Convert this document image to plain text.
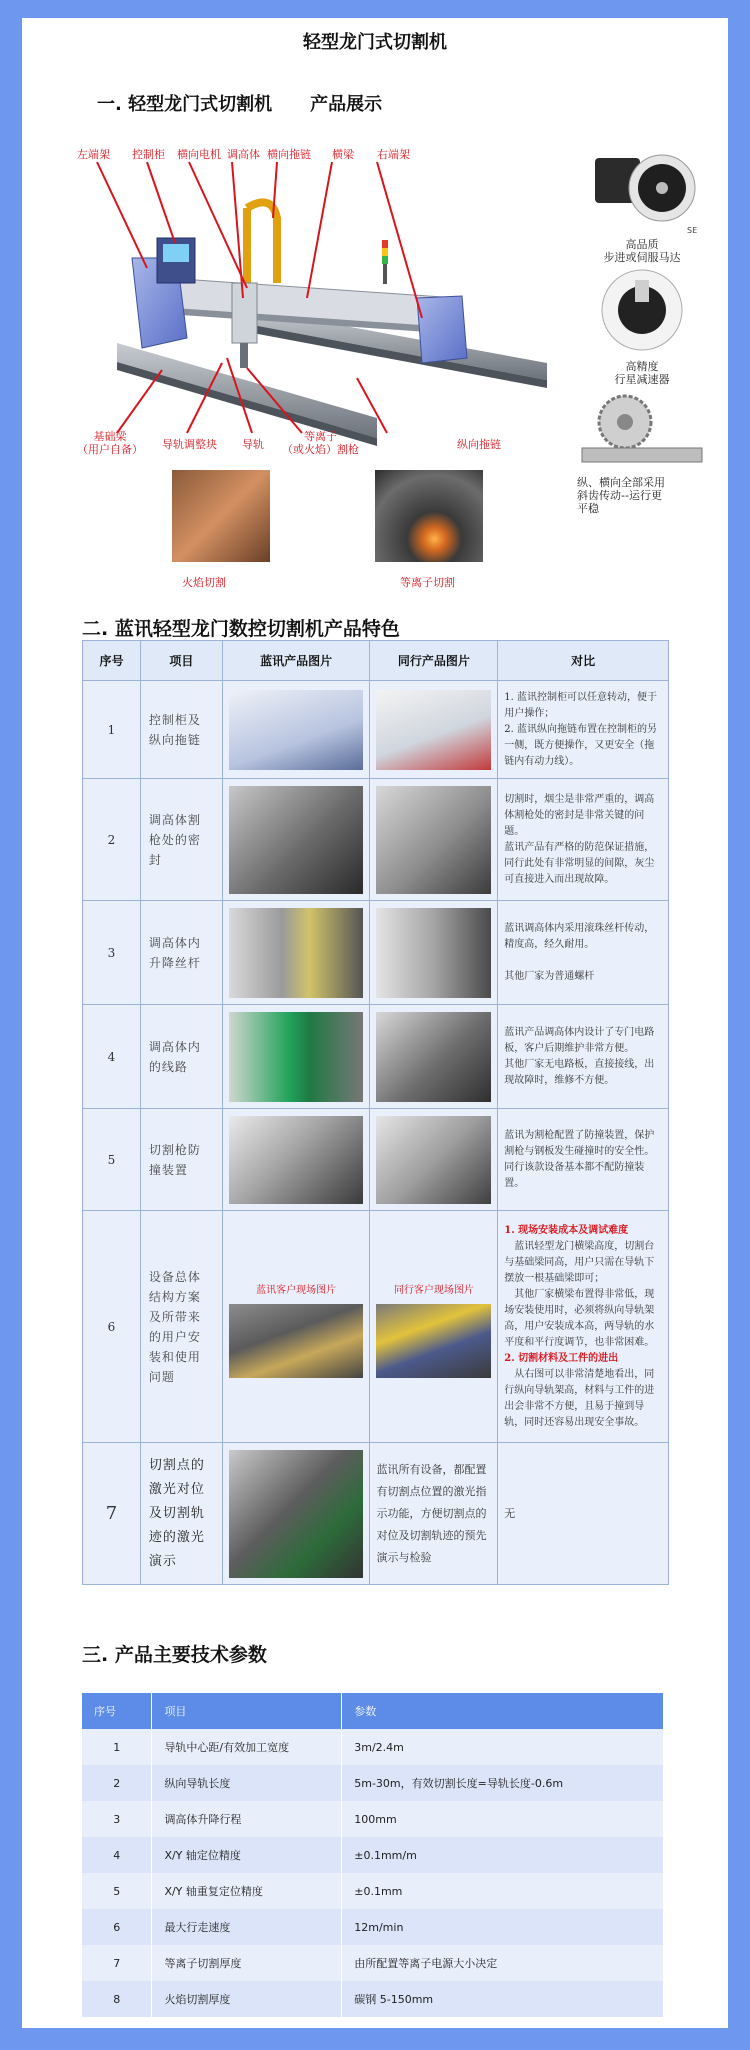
轻型龙门式切割机
一. 轻型龙门式切割机 产品展示
左端架 控制柜 横向电机 调高体 横向拖链 横梁 右端架
基础梁
（用户自备） 导轨调整块 导轨
等离子
（或火焰）割枪	纵向拖链
火焰切割	等离子切割
SE
高品质
步进或伺服马达
高精度
行星减速器
纵、横向全部采用
斜齿传动--运行更
平稳
二. 蓝讯轻型龙门数控切割机产品特色
序号	项目	蓝讯产品图片	同行产品图片	对比
1	控制柜及纵向拖链			1. 蓝讯控制柜可以任意转动，便于用户操作；

2. 蓝讯纵向拖链布置在控制柜的另一侧，既方便操作，又更安全（拖链内有动力线）。

2	调高体割枪处的密封			切割时，烟尘是非常严重的，调高体割枪处的密封是非常关键的问题。

蓝讯产品有严格的防范保证措施，同行此处有非常明显的间隙，灰尘可直接进入而出现故障。

3	调高体内升降丝杆			蓝讯调高体内采用滚珠丝杆传动，精度高，经久耐用。

其他厂家为普通螺杆

4	调高体内的线路			蓝讯产品调高体内设计了专门电路板，客户后期维护非常方便。

其他厂家无电路板，直接接线，出现故障时，维修不方便。

5	切割枪防撞装置			蓝讯为割枪配置了防撞装置，保护割枪与钢板发生碰撞时的安全性。

同行该款设备基本都不配防撞装置。

6	设备总体结构方案及所带来的用户安装和使用问题	蓝讯客户现场图片	同行客户现场图片	1. 现场安装成本及调试难度

蓝讯轻型龙门横梁高度，切割台与基础梁同高，用户只需在导轨下摆放一根基础梁即可；

其他厂家横梁布置得非常低，现场安装使用时，必须将纵向导轨架高，用户安装成本高，两导轨的水平度和平行度调节，也非常困难。

2. 切割材料及工件的进出

从右图可以非常清楚地看出，同行纵向导轨架高，材料与工件的进出会非常不方便，且易于撞到导轨，同时还容易出现安全事故。

7	切割点的激光对位及切割轨迹的激光演示		蓝讯所有设备，都配置有切割点位置的激光指示功能，方便切割点的对位及切割轨迹的预先演示与检验	无
三. 产品主要技术参数
序号	项目	参数
1	导轨中心距/有效加工宽度	3m/2.4m
2	纵向导轨长度	5m-30m，有效切割长度=导轨长度-0.6m
3	调高体升降行程	100mm
4	X/Y 轴定位精度	±0.1mm/m
5	X/Y 轴重复定位精度	±0.1mm
6	最大行走速度	12m/min
7	等离子切割厚度	由所配置等离子电源大小决定
8	火焰切割厚度	碳钢 5-150mm
